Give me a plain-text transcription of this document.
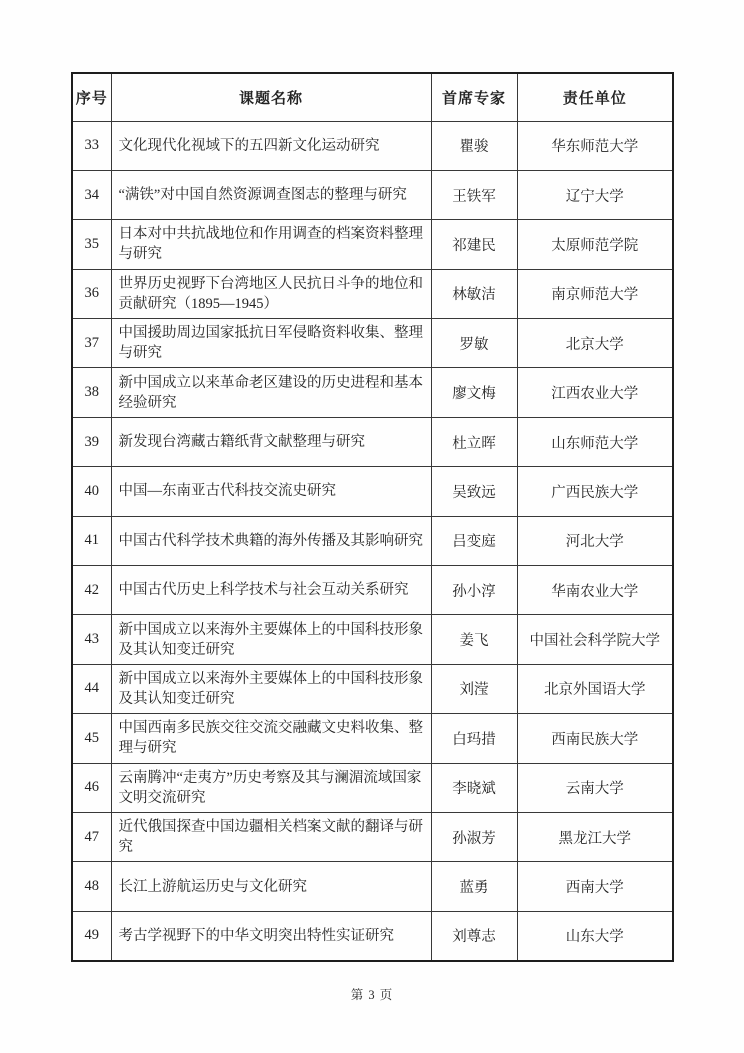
序号	课题名称	首席专家	责任单位
33	文化现代化视域下的五四新文化运动研究	瞿骏	华东师范大学
34	“满铁”对中国自然资源调查图志的整理与研究	王铁军	辽宁大学
35	日本对中共抗战地位和作用调查的档案资料整理与研究	祁建民	太原师范学院
36	世界历史视野下台湾地区人民抗日斗争的地位和贡献研究（1895—1945）	林敏洁	南京师范大学
37	中国援助周边国家抵抗日军侵略资料收集、整理与研究	罗敏	北京大学
38	新中国成立以来革命老区建设的历史进程和基本经验研究	廖文梅	江西农业大学
39	新发现台湾藏古籍纸背文献整理与研究	杜立晖	山东师范大学
40	中国—东南亚古代科技交流史研究	吴致远	广西民族大学
41	中国古代科学技术典籍的海外传播及其影响研究	吕变庭	河北大学
42	中国古代历史上科学技术与社会互动关系研究	孙小淳	华南农业大学
43	新中国成立以来海外主要媒体上的中国科技形象及其认知变迁研究	姜飞	中国社会科学院大学
44	新中国成立以来海外主要媒体上的中国科技形象及其认知变迁研究	刘滢	北京外国语大学
45	中国西南多民族交往交流交融藏文史料收集、整理与研究	白玛措	西南民族大学
46	云南腾冲“走夷方”历史考察及其与澜湄流域国家文明交流研究	李晓斌	云南大学
47	近代俄国探查中国边疆相关档案文献的翻译与研究	孙淑芳	黑龙江大学
48	长江上游航运历史与文化研究	蓝勇	西南大学
49	考古学视野下的中华文明突出特性实证研究	刘尊志	山东大学
第 3 页
